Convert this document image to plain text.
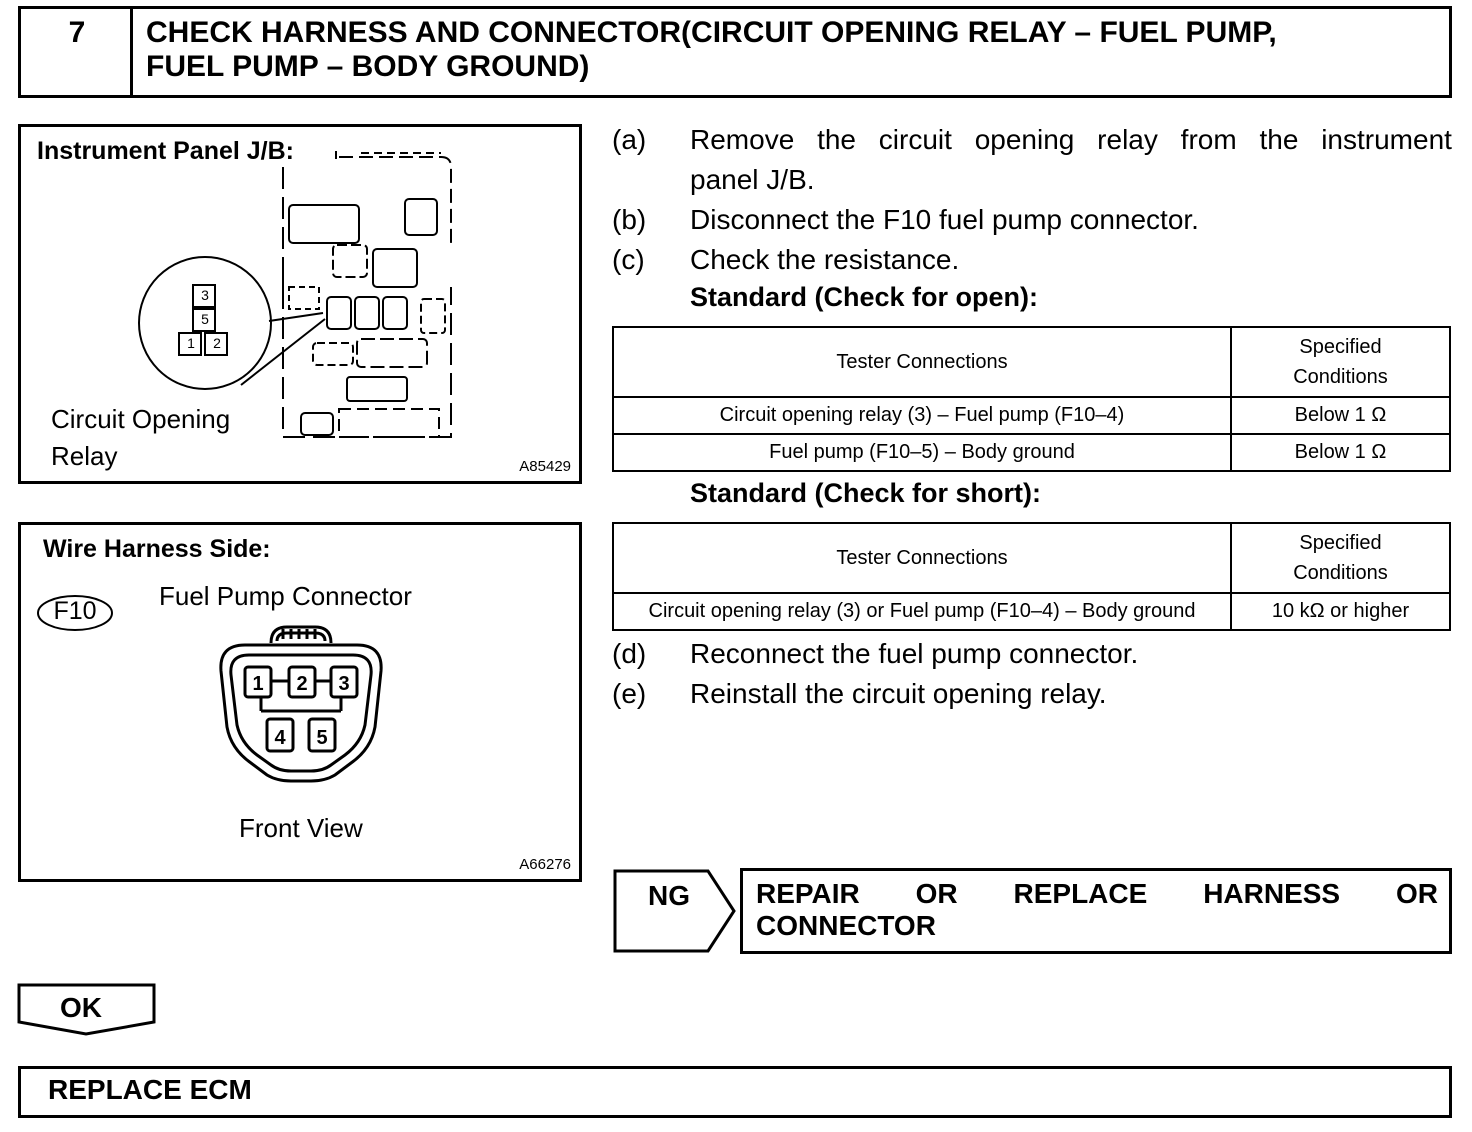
7	CHECK HARNESS AND CONNECTOR(CIRCUIT OPENING RELAY – FUEL PUMP,
FUEL PUMP – BODY GROUND)
Instrument Panel J/B:
3
5
1 2
Circuit Opening
Relay	A85429
Wire Harness Side:
F10	Fuel Pump Connector
1	2	3
4	5
Front View
A66276
(a) Remove the circuit opening relay from the instrument
panel J/B.
(b) Disconnect the F10 fuel pump connector.
(c) Check the resistance.
Standard (Check for open):
Tester Connections	Specified
Conditions

Circuit opening relay (3) – Fuel pump (F10–4)	Below 1 Ω
Fuel pump (F10–5) – Body ground	Below 1 Ω
Standard (Check for short):
Tester Connections	Specified
Conditions

Circuit opening relay (3) or Fuel pump (F10–4) – Body ground	10 kΩ or higher
(d) Reconnect the fuel pump connector.
(e) Reinstall the circuit opening relay.
NG REPAIR OR REPLACE HARNESS OR
CONNECTOR
OK
REPLACE ECM
